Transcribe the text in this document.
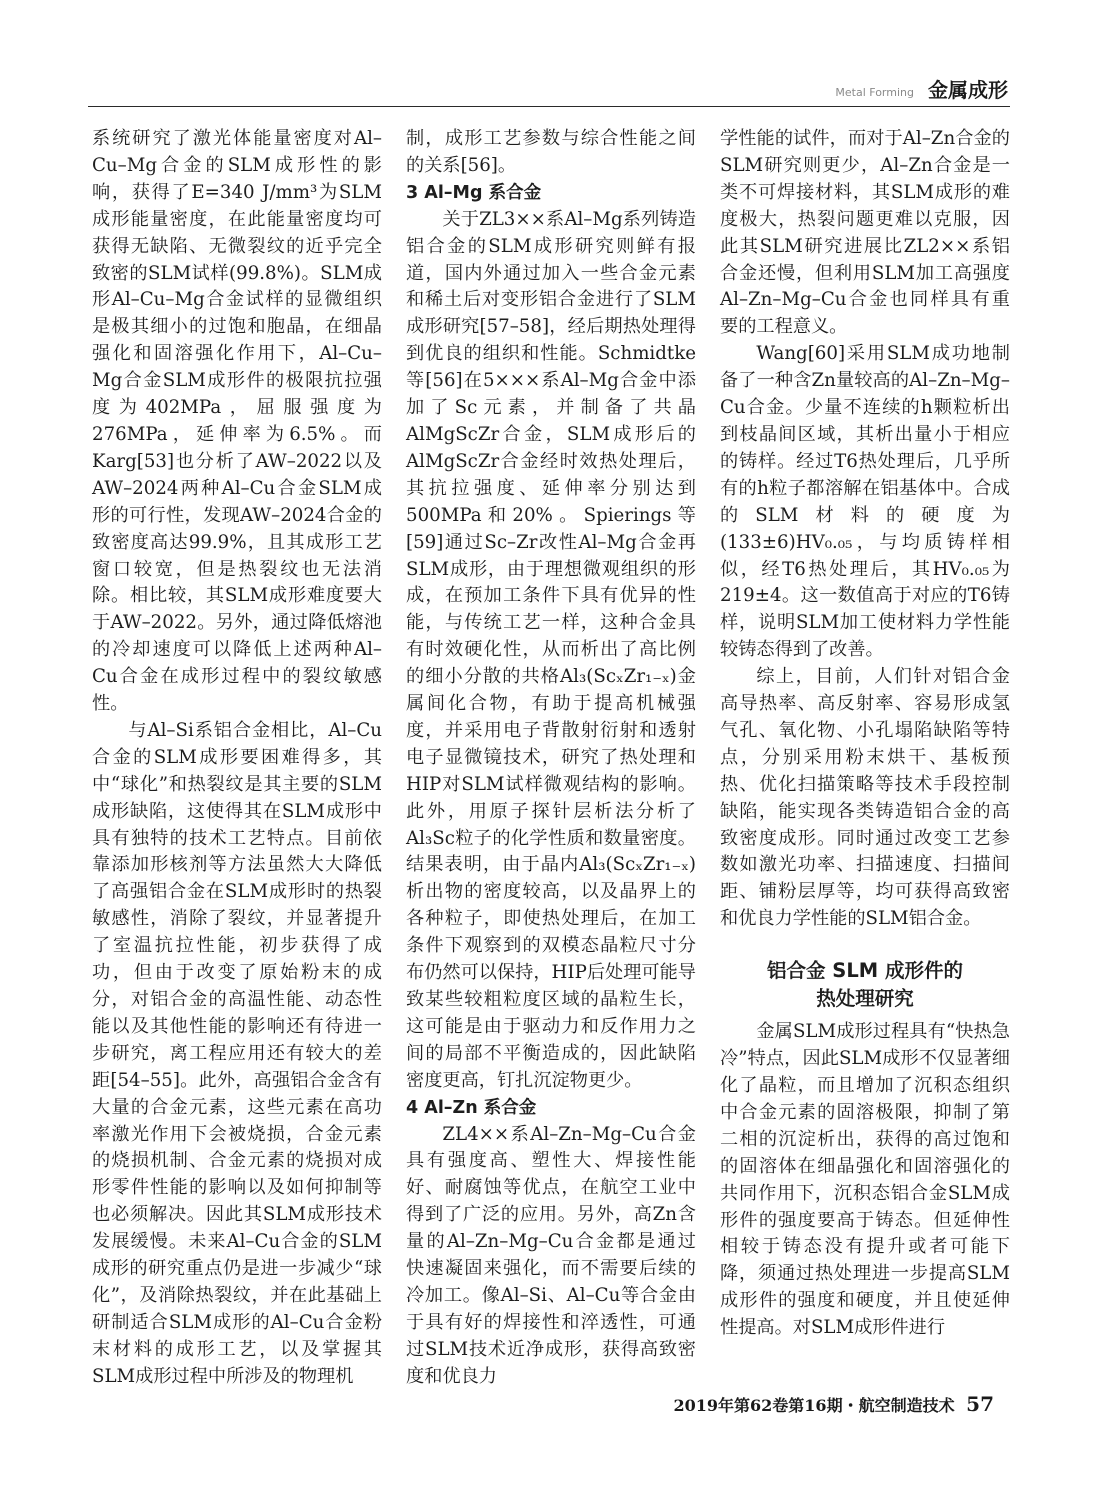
Metal Forming 金属成形

系统研究了激光体能量密度对Al–Cu–Mg合金的SLM成形性的影响，获得了E=340 J/mm³为SLM成形能量密度，在此能量密度均可获得无缺陷、无微裂纹的近乎完全致密的SLM试样(99.8%)。SLM成形Al–Cu–Mg合金试样的显微组织是极其细小的过饱和胞晶，在细晶强化和固溶强化作用下，Al–Cu–Mg合金SLM成形件的极限抗拉强度为402MPa，屈服强度为276MPa，延伸率为6.5%。而Karg[53]也分析了AW–2022以及AW–2024两种Al–Cu合金SLM成形的可行性，发现AW–2024合金的致密度高达99.9%，且其成形工艺窗口较宽，但是热裂纹也无法消除。相比较，其SLM成形难度要大于AW–2022。另外，通过降低熔池的冷却速度可以降低上述两种Al–Cu合金在成形过程中的裂纹敏感性。

与Al–Si系铝合金相比，Al–Cu合金的SLM成形要困难得多，其中“球化”和热裂纹是其主要的SLM成形缺陷，这使得其在SLM成形中具有独特的技术工艺特点。目前依靠添加形核剂等方法虽然大大降低了高强铝合金在SLM成形时的热裂敏感性，消除了裂纹，并显著提升了室温抗拉性能，初步获得了成功，但由于改变了原始粉末的成分，对铝合金的高温性能、动态性能以及其他性能的影响还有待进一步研究，离工程应用还有较大的差距[54–55]。此外，高强铝合金含有大量的合金元素，这些元素在高功率激光作用下会被烧损，合金元素的烧损机制、合金元素的烧损对成形零件性能的影响以及如何抑制等也必须解决。因此其SLM成形技术发展缓慢。未来Al–Cu合金的SLM成形的研究重点仍是进一步减少“球化”，及消除热裂纹，并在此基础上研制适合SLM成形的Al–Cu合金粉末材料的成形工艺，以及掌握其SLM成形过程中所涉及的物理机

制，成形工艺参数与综合性能之间的关系[56]。

3 Al–Mg 系合金

关于ZL3××系Al–Mg系列铸造铝合金的SLM成形研究则鲜有报道，国内外通过加入一些合金元素和稀土后对变形铝合金进行了SLM成形研究[57–58]，经后期热处理得到优良的组织和性能。Schmidtke等[56]在5×××系Al–Mg合金中添加了Sc元素，并制备了共晶AlMgScZr合金，SLM成形后的AlMgScZr合金经时效热处理后，其抗拉强度、延伸率分别达到500MPa和20%。Spierings等[59]通过Sc–Zr改性Al–Mg合金再SLM成形，由于理想微观组织的形成，在预加工条件下具有优异的性能，与传统工艺一样，这种合金具有时效硬化性，从而析出了高比例的细小分散的共格Al₃(ScₓZr₁₋ₓ)金属间化合物，有助于提高机械强度，并采用电子背散射衍射和透射电子显微镜技术，研究了热处理和HIP对SLM试样微观结构的影响。此外，用原子探针层析法分析了Al₃Sc粒子的化学性质和数量密度。结果表明，由于晶内Al₃(ScₓZr₁₋ₓ)析出物的密度较高，以及晶界上的各种粒子，即使热处理后，在加工条件下观察到的双模态晶粒尺寸分布仍然可以保持，HIP后处理可能导致某些较粗粒度区域的晶粒生长，这可能是由于驱动力和反作用力之间的局部不平衡造成的，因此缺陷密度更高，钉扎沉淀物更少。

4 Al–Zn 系合金

ZL4××系Al–Zn–Mg–Cu合金具有强度高、塑性大、焊接性能好、耐腐蚀等优点，在航空工业中得到了广泛的应用。另外，高Zn含量的Al–Zn–Mg–Cu合金都是通过快速凝固来强化，而不需要后续的冷加工。像Al–Si、Al–Cu等合金由于具有好的焊接性和淬透性，可通过SLM技术近净成形，获得高致密度和优良力

学性能的试件，而对于Al–Zn合金的SLM研究则更少，Al–Zn合金是一类不可焊接材料，其SLM成形的难度极大，热裂问题更难以克服，因此其SLM研究进展比ZL2××系铝合金还慢，但利用SLM加工高强度Al–Zn–Mg–Cu合金也同样具有重要的工程意义。

Wang[60]采用SLM成功地制备了一种含Zn量较高的Al–Zn–Mg–Cu合金。少量不连续的h颗粒析出到枝晶间区域，其析出量小于相应的铸样。经过T6热处理后，几乎所有的h粒子都溶解在铝基体中。合成的SLM材料的硬度为(133±6)HV₀.₀₅，与均质铸样相似，经T6热处理后，其HV₀.₀₅为219±4。这一数值高于对应的T6铸样，说明SLM加工使材料力学性能较铸态得到了改善。

综上，目前，人们针对铝合金高导热率、高反射率、容易形成氢气孔、氧化物、小孔塌陷缺陷等特点，分别采用粉末烘干、基板预热、优化扫描策略等技术手段控制缺陷，能实现各类铸造铝合金的高致密度成形。同时通过改变工艺参数如激光功率、扫描速度、扫描间距、铺粉层厚等，均可获得高致密和优良力学性能的SLM铝合金。

铝合金 SLM 成形件的
热处理研究

金属SLM成形过程具有“快热急冷”特点，因此SLM成形不仅显著细化了晶粒，而且增加了沉积态组织中合金元素的固溶极限，抑制了第二相的沉淀析出，获得的高过饱和的固溶体在细晶强化和固溶强化的共同作用下，沉积态铝合金SLM成形件的强度要高于铸态。但延伸性相较于铸态没有提升或者可能下降，须通过热处理进一步提高SLM成形件的强度和硬度，并且使延伸性提高。对SLM成形件进行

2019年第62卷第16期・航空制造技术 57
